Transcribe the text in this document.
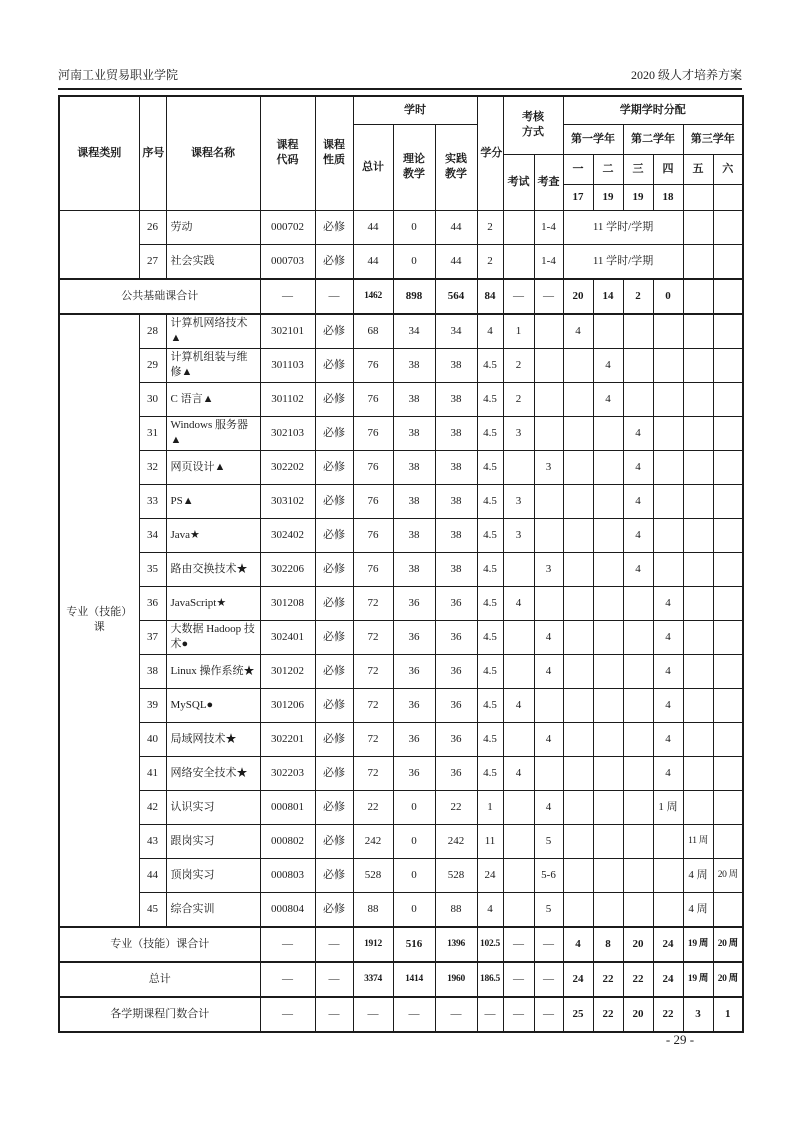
河南工业贸易职业学院	2020 级人才培养方案
课程类别	序号	课程名称	课程代码	课程性质	学时			学分	考核方式		学期学时分配					
					总计	理论教学	实践教学				第一学年		第二学年		第三学年	
									考试	考查	一	二	三	四	五	六
											17	19	19	18		
	26	劳动	000702	必修	44	0	44	2		1-4	11 学时/学期					
	27	社会实践	000703	必修	44	0	44	2		1-4	11 学时/学期					
公共基础课合计			—	—	1462	898	564	84	—	—	20	14	2	0		
专业（技能）课	28	计算机网络技术▲	302101	必修	68	34	34	4	1		4					
	29	计算机组装与维修▲	301103	必修	76	38	38	4.5	2			4				
	30	C 语言▲	301102	必修	76	38	38	4.5	2			4				
	31	Windows 服务器▲	302103	必修	76	38	38	4.5	3				4			
	32	网页设计▲	302202	必修	76	38	38	4.5		3			4			
	33	PS▲	303102	必修	76	38	38	4.5	3				4			
	34	Java★	302402	必修	76	38	38	4.5	3				4			
	35	路由交换技术★	302206	必修	76	38	38	4.5		3			4			
	36	JavaScript★	301208	必修	72	36	36	4.5	4					4		
	37	大数据 Hadoop 技术●	302401	必修	72	36	36	4.5		4				4		
	38	Linux 操作系统★	301202	必修	72	36	36	4.5		4				4		
	39	MySQL●	301206	必修	72	36	36	4.5	4					4		
	40	局域网技术★	302201	必修	72	36	36	4.5		4				4		
	41	网络安全技术★	302203	必修	72	36	36	4.5	4					4		
	42	认识实习	000801	必修	22	0	22	1		4				1 周		
	43	跟岗实习	000802	必修	242	0	242	11		5					11 周	
	44	顶岗实习	000803	必修	528	0	528	24		5-6					4 周	20 周
	45	综合实训	000804	必修	88	0	88	4		5					4 周	
专业（技能）课合计			—	—	1912	516	1396	102.5	—	—	4	8	20	24	19 周	20 周
总计			—	—	3374	1414	1960	186.5	—	—	24	22	22	24	19 周	20 周
各学期课程门数合计			—	—	—	—	—	—	—	—	25	22	20	22	3	1
- 29 -
